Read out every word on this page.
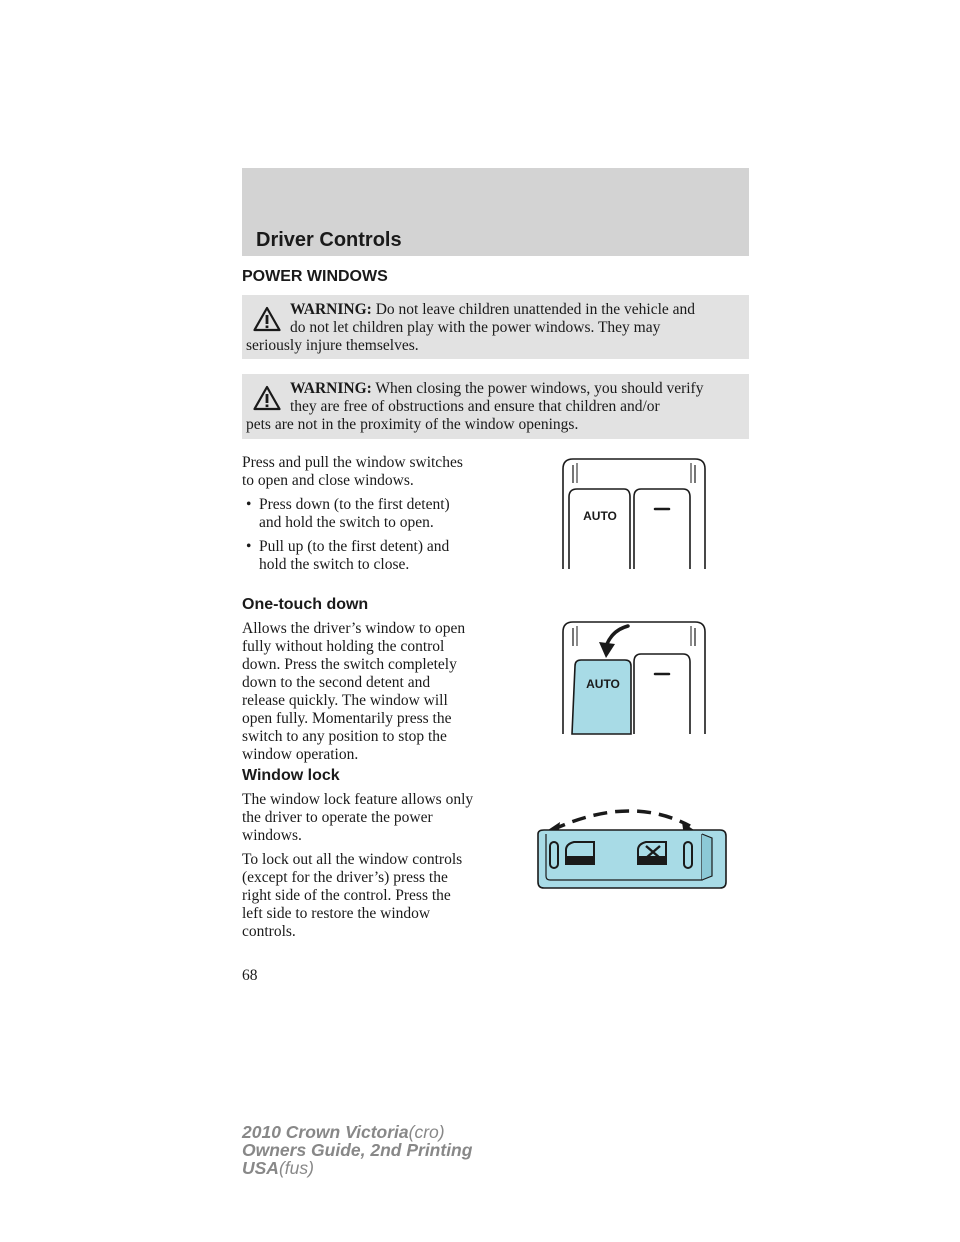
Driver Controls
POWER WINDOWS
WARNING: Do not leave children unattended in the vehicle and
do not let children play with the power windows. They may
seriously injure themselves.
WARNING: When closing the power windows, you should verify
they are free of obstructions and ensure that children and/or
pets are not in the proximity of the window openings.
Press and pull the window switches
to open and close windows.
• Press down (to the first detent)
and hold the switch to open.
• Pull up (to the first detent) and
hold the switch to close.
AUTO
One-touch down
Allows the driver’s window to open
fully without holding the control
down. Press the switch completely
down to the second detent and
release quickly. The window will
open fully. Momentarily press the
switch to any position to stop the
window operation.
AUTO
Window lock
The window lock feature allows only
the driver to operate the power
windows.
To lock out all the window controls
(except for the driver’s) press the
right side of the control. Press the
left side to restore the window
controls.
68
2010 Crown Victoria(cro)
Owners Guide, 2nd Printing
USA(fus)
